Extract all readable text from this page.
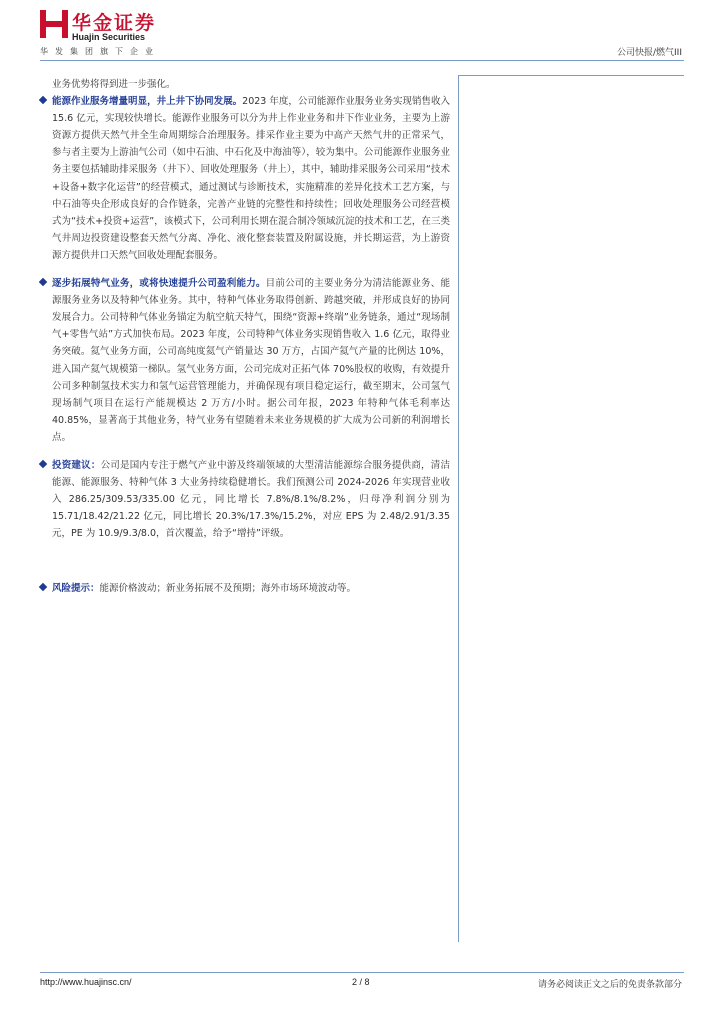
华金证券
Huajin Securities
华发集团旗下企业	公司快报/燃气III

业务优势将得到进一步强化。

能源作业服务增量明显，井上井下协同发展。2023 年度，公司能源作业服务业务实现销售收入 15.6 亿元，实现较快增长。能源作业服务可以分为井上作业业务和井下作业业务，主要为上游资源方提供天然气井全生命周期综合治理服务。排采作业主要为中高产天然气井的正常采气，参与者主要为上游油气公司（如中石油、中石化及中海油等），较为集中。公司能源作业服务业务主要包括辅助排采服务（井下）、回收处理服务（井上），其中，辅助排采服务公司采用“技术+设备+数字化运营”的经营模式，通过测试与诊断技术，实施精准的差异化技术工艺方案，与中石油等央企形成良好的合作链条，完善产业链的完整性和持续性；回收处理服务公司经营模式为“技术+投资+运营”，该模式下，公司利用长期在混合制冷领域沉淀的技术和工艺，在三类气井周边投资建设整套天然气分离、净化、液化整套装置及附属设施，并长期运营，为上游资源方提供井口天然气回收处理配套服务。

逐步拓展特气业务，或将快速提升公司盈利能力。目前公司的主要业务分为清洁能源业务、能源服务业务以及特种气体业务。其中，特种气体业务取得创新、跨越突破，并形成良好的协同发展合力。公司特种气体业务锚定为航空航天特气，围绕“资源+终端”业务链条，通过“现场制气+零售气站”方式加快布局。2023 年度，公司特种气体业务实现销售收入 1.6 亿元，取得业务突破。氦气业务方面，公司高纯度氦气产销量达 30 万方，占国产氦气产量的比例达 10%，进入国产氦气规模第一梯队。氢气业务方面，公司完成对正拓气体 70%股权的收购，有效提升公司多种制氢技术实力和氢气运营管理能力，并确保现有项目稳定运行，截至期末，公司氢气现场制气项目在运行产能规模达 2 万方/小时。据公司年报，2023 年特种气体毛利率达 40.85%，显著高于其他业务，特气业务有望随着未来业务规模的扩大成为公司新的利润增长点。

投资建议：公司是国内专注于燃气产业中游及终端领域的大型清洁能源综合服务提供商，清洁能源、能源服务、特种气体 3 大业务持续稳健增长。我们预测公司 2024-2026 年实现营业收入 286.25/309.53/335.00 亿元，同比增长 7.8%/8.1%/8.2%，归母净利润分别为 15.71/18.42/21.22 亿元，同比增长 20.3%/17.3%/15.2%，对应 EPS 为 2.48/2.91/3.35 元，PE 为 10.9/9.3/8.0，首次覆盖，给予“增持”评级。

风险提示：能源价格波动；新业务拓展不及预期；海外市场环境波动等。

http://www.huajinsc.cn/	2 / 8	请务必阅读正文之后的免责条款部分
